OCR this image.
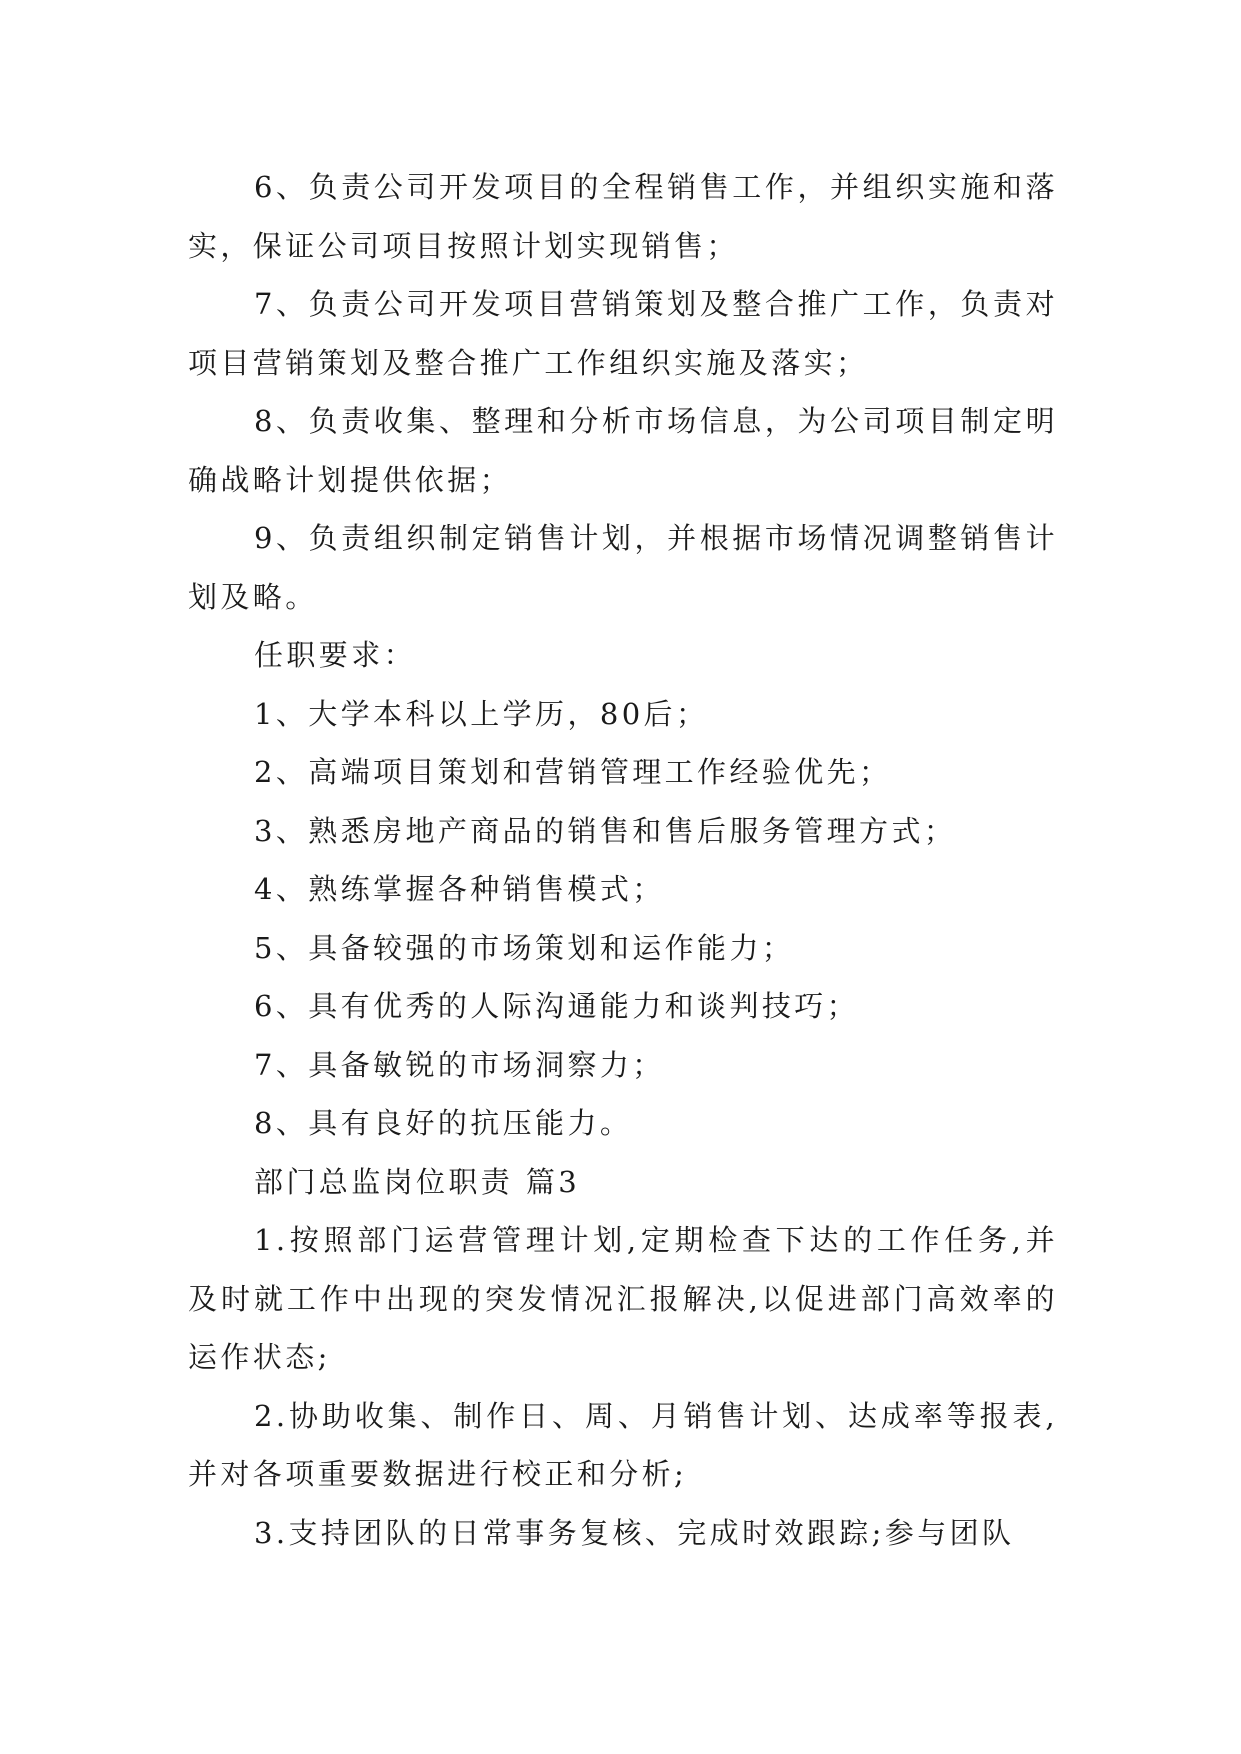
6、负责公司开发项目的全程销售工作，并组织实施和落实，保证公司项目按照计划实现销售；

7、负责公司开发项目营销策划及整合推广工作，负责对项目营销策划及整合推广工作组织实施及落实；

8、负责收集、整理和分析市场信息，为公司项目制定明确战略计划提供依据；

9、负责组织制定销售计划，并根据市场情况调整销售计划及略。

任职要求：

1、大学本科以上学历，80后；

2、高端项目策划和营销管理工作经验优先；

3、熟悉房地产商品的销售和售后服务管理方式；

4、熟练掌握各种销售模式；

5、具备较强的市场策划和运作能力；

6、具有优秀的人际沟通能力和谈判技巧；

7、具备敏锐的市场洞察力；

8、具有良好的抗压能力。

部门总监岗位职责 篇3

1.按照部门运营管理计划,定期检查下达的工作任务,并及时就工作中出现的突发情况汇报解决,以促进部门高效率的运作状态;

2.协助收集、制作日、周、月销售计划、达成率等报表,并对各项重要数据进行校正和分析;

3.支持团队的日常事务复核、完成时效跟踪;参与团队
